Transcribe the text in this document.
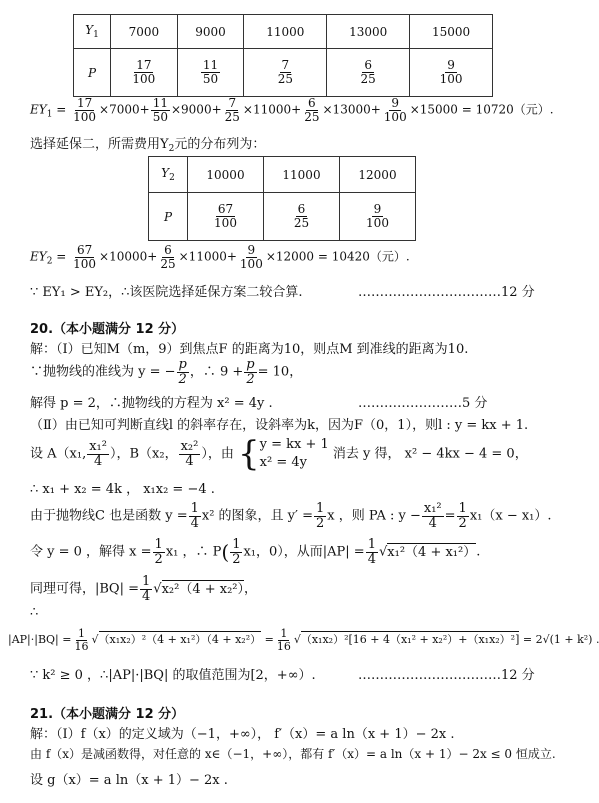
$Y_1$	7000	9000	11000	13000	15000
P	$\frac{17}{100}$	$\frac{11}{50}$	$\frac{7}{25}$	$\frac{6}{25}$	$\frac{9}{100}$
$EY_1 = \frac{17}{100} \times 7000+ \frac{11}{50} \times 9000+ \frac{7}{25} \times 11000+ \frac{6}{25} \times 13000+ \frac{9}{100} \times 15000 = 10720$（元）.
选择延保二，所需费用$Y_2$元的分布列为：
$Y_2$	10000	11000	12000
P	$\frac{67}{100}$	$\frac{6}{25}$	$\frac{9}{100}$
$EY_2 = \frac{67}{100} \times 10000+ \frac{6}{25} \times 11000+ \frac{9}{100} \times 12000 = 10420$（元）.
∵ EY₁ > EY₂，∴该医院选择延保方案二较合算.	……………………………12 分
20.（本小题满分 12 分）
解：（Ⅰ）已知M（m，9）到焦点F 的距离为10，则点M 到准线的距离为10.
∵抛物线的准线为 y = − $\frac{p}{2}$ ，∴ $9 + \frac{p}{2} = 10$，
解得 p = 2，∴抛物线的方程为 x² = 4y .	……………………5 分
（Ⅱ）由已知可判断直线l 的斜率存在，设斜率为k，因为F（0，1），则l : y = kx + 1.
设 A（x₁, $\frac{\text{x₁²}}{4}$ ），B（x₂， $\frac{\text{x₂²}}{4}$ ），由 { y = kx + 1
x² = 4y
消去 y 得， x² − 4kx − 4 = 0，
∴ x₁ + x₂ = 4k ， x₁x₂ = −4 .
由于抛物线C 也是函数 $y = \frac{1}{4} x^2$ 的图象，且 $y' = \frac{1}{2}$ x ，则 PA : $y - \frac{\text{x₁²}}{4} = \frac{1}{2} x_1(x - x_1)$.
令 y = 0 ，解得 $x = \frac{1}{2} x_1$ ，∴ $P( \frac{1}{2} x_1$，0），从而$|AP| = \frac{1}{4} √x_1^2(4 + x_1^2)$.
同理可得，$|BQ| = \frac{1}{4} √x_2^2(4 + x_2^2)$，
∴
$|AP|\cdot|BQ| = \frac{1}{16} √(x_1x_2)^2(4 + x_1^2)(4 + x_2^2) = \frac{1}{16} √(x_1x_2)^2[16 + 4(x_1^2 + x_2^2)+(x_1x_2)^2] = 2√(1 + k^2)$ .
∵ k² ≥ 0 ，∴|AP|·|BQ| 的取值范围为[2，+∞）.	……………………………12 分
21.（本小题满分 12 分）
解：（Ⅰ）f（x）的定义域为（−1，+∞）， f′（x）= a ln（x + 1）− 2x .
由 f（x）是减函数得，对任意的 x∈（−1，+∞），都有 f′（x）= a ln（x + 1）− 2x ≤ 0 恒成立.
设 g（x）= a ln（x + 1）− 2x .
